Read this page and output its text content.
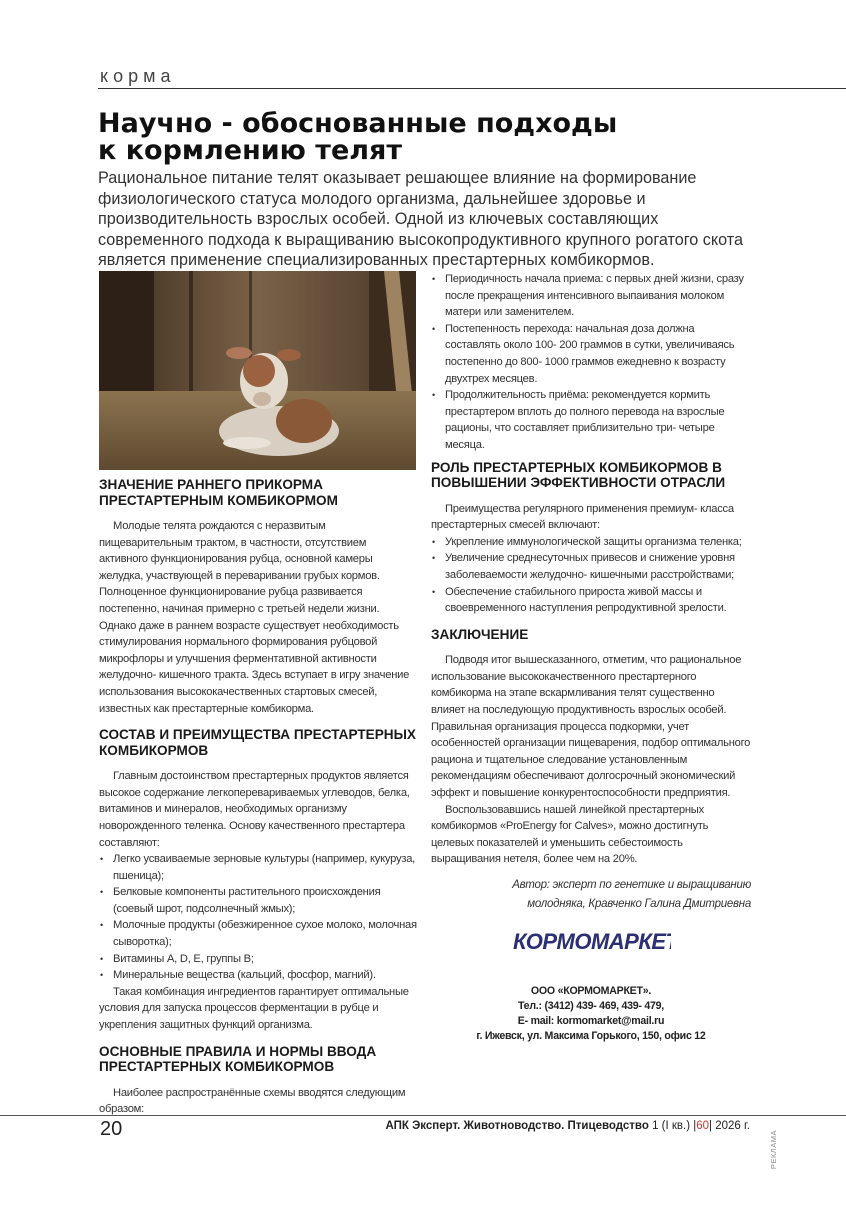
корма
Научно - обоснованные подходы
к кормлению телят

Рациональное питание телят оказывает решающее влияние на формирование физиологического статуса молодого организма, дальнейшее здоровье и производительность взрослых особей. Одной из ключевых составляющих современного подхода к выращиванию высокопродуктивного крупного рогатого скота является применение специализированных престартерных комбикормов.

ЗНАЧЕНИЕ РАННЕГО ПРИКОРМА ПРЕСТАРТЕРНЫМ КОМБИКОРМОМ

Молодые телята рождаются с неразвитым пищеварительным трактом, в частности, отсутствием активного функционирования рубца, основной камеры желудка, участвующей в переваривании грубых кормов. Полноценное функционирование рубца развивается постепенно, начиная примерно с третьей недели жизни. Однако даже в раннем возрасте существует необходимость стимулирования нормального формирования рубцовой микрофлоры и улучшения ферментативной активности желудочно- кишечного тракта. Здесь вступает в игру значение использования высококачественных стартовых смесей, известных как престартерные комбикорма.

СОСТАВ И ПРЕИМУЩЕСТВА ПРЕСТАРТЕРНЫХ КОМБИКОРМОВ

Главным достоинством престартерных продуктов является высокое содержание легкоперевариваемых углеводов, белка, витаминов и минералов, необходимых организму новорожденного теленка. Основу качественного престартера составляют:

• Легко усваиваемые зерновые культуры (например, кукуруза, пшеница);
• Белковые компоненты растительного происхождения (соевый шрот, подсолнечный жмых);
• Молочные продукты (обезжиренное сухое молоко, молочная сыворотка);
• Витамины A, D, E, группы B;
• Минеральные вещества (кальций, фосфор, магний).

Такая комбинация ингредиентов гарантирует оптимальные условия для запуска процессов ферментации в рубце и укрепления защитных функций организма.

ОСНОВНЫЕ ПРАВИЛА И НОРМЫ ВВОДА ПРЕСТАРТЕРНЫХ КОМБИКОРМОВ

Наиболее распространённые схемы вводятся следующим образом:

• Периодичность начала приема: с первых дней жизни, сразу после прекращения интенсивного выпаивания молоком матери или заменителем.
• Постепенность перехода: начальная доза должна составлять около 100- 200 граммов в сутки, увеличиваясь постепенно до 800- 1000 граммов ежедневно к возрасту двухтрех месяцев.
• Продолжительность приёма: рекомендуется кормить престартером вплоть до полного перевода на взрослые рационы, что составляет приблизительно три- четыре месяца.
РОЛЬ ПРЕСТАРТЕРНЫХ КОМБИКОРМОВ В ПОВЫШЕНИИ ЭФФЕКТИВНОСТИ ОТРАСЛИ

Преимущества регулярного применения премиум- класса престартерных смесей включают:

• Укрепление иммунологической защиты организма теленка;
• Увеличение среднесуточных привесов и снижение уровня заболеваемости желудочно- кишечными расстройствами;
• Обеспечение стабильного прироста живой массы и своевременного наступления репродуктивной зрелости.
ЗАКЛЮЧЕНИЕ

Подводя итог вышесказанного, отметим, что рациональное использование высококачественного престартерного комбикорма на этапе вскармливания телят существенно влияет на последующую продуктивность взрослых особей. Правильная организация процесса подкормки, учет особенностей организации пищеварения, подбор оптимального рациона и тщательное следование установленным рекомендациям обеспечивают долгосрочный экономический эффект и повышение конкурентоспособности предприятия.

Воспользовавшись нашей линейкой престартерных комбикормов «ProEnergy for Calves», можно достигнуть целевых показателей и уменьшить себестоимость выращивания нетеля, более чем на 20%.

Автор: эксперт по генетике и выращиванию
молодняка, Кравченко Галина Дмитриевна
КОРМОМАРКЕТ
ООО «КОРМОМАРКЕТ».
Тел.: (3412) 439- 469, 439- 479,
E- mail: kormomarket@mail.ru
г. Ижевск, ул. Максима Горького, 150, офис 12
20	АПК Эксперт. Животноводство. Птицеводство 1 (I кв.) |60| 2026 г.
РЕКЛАМА
